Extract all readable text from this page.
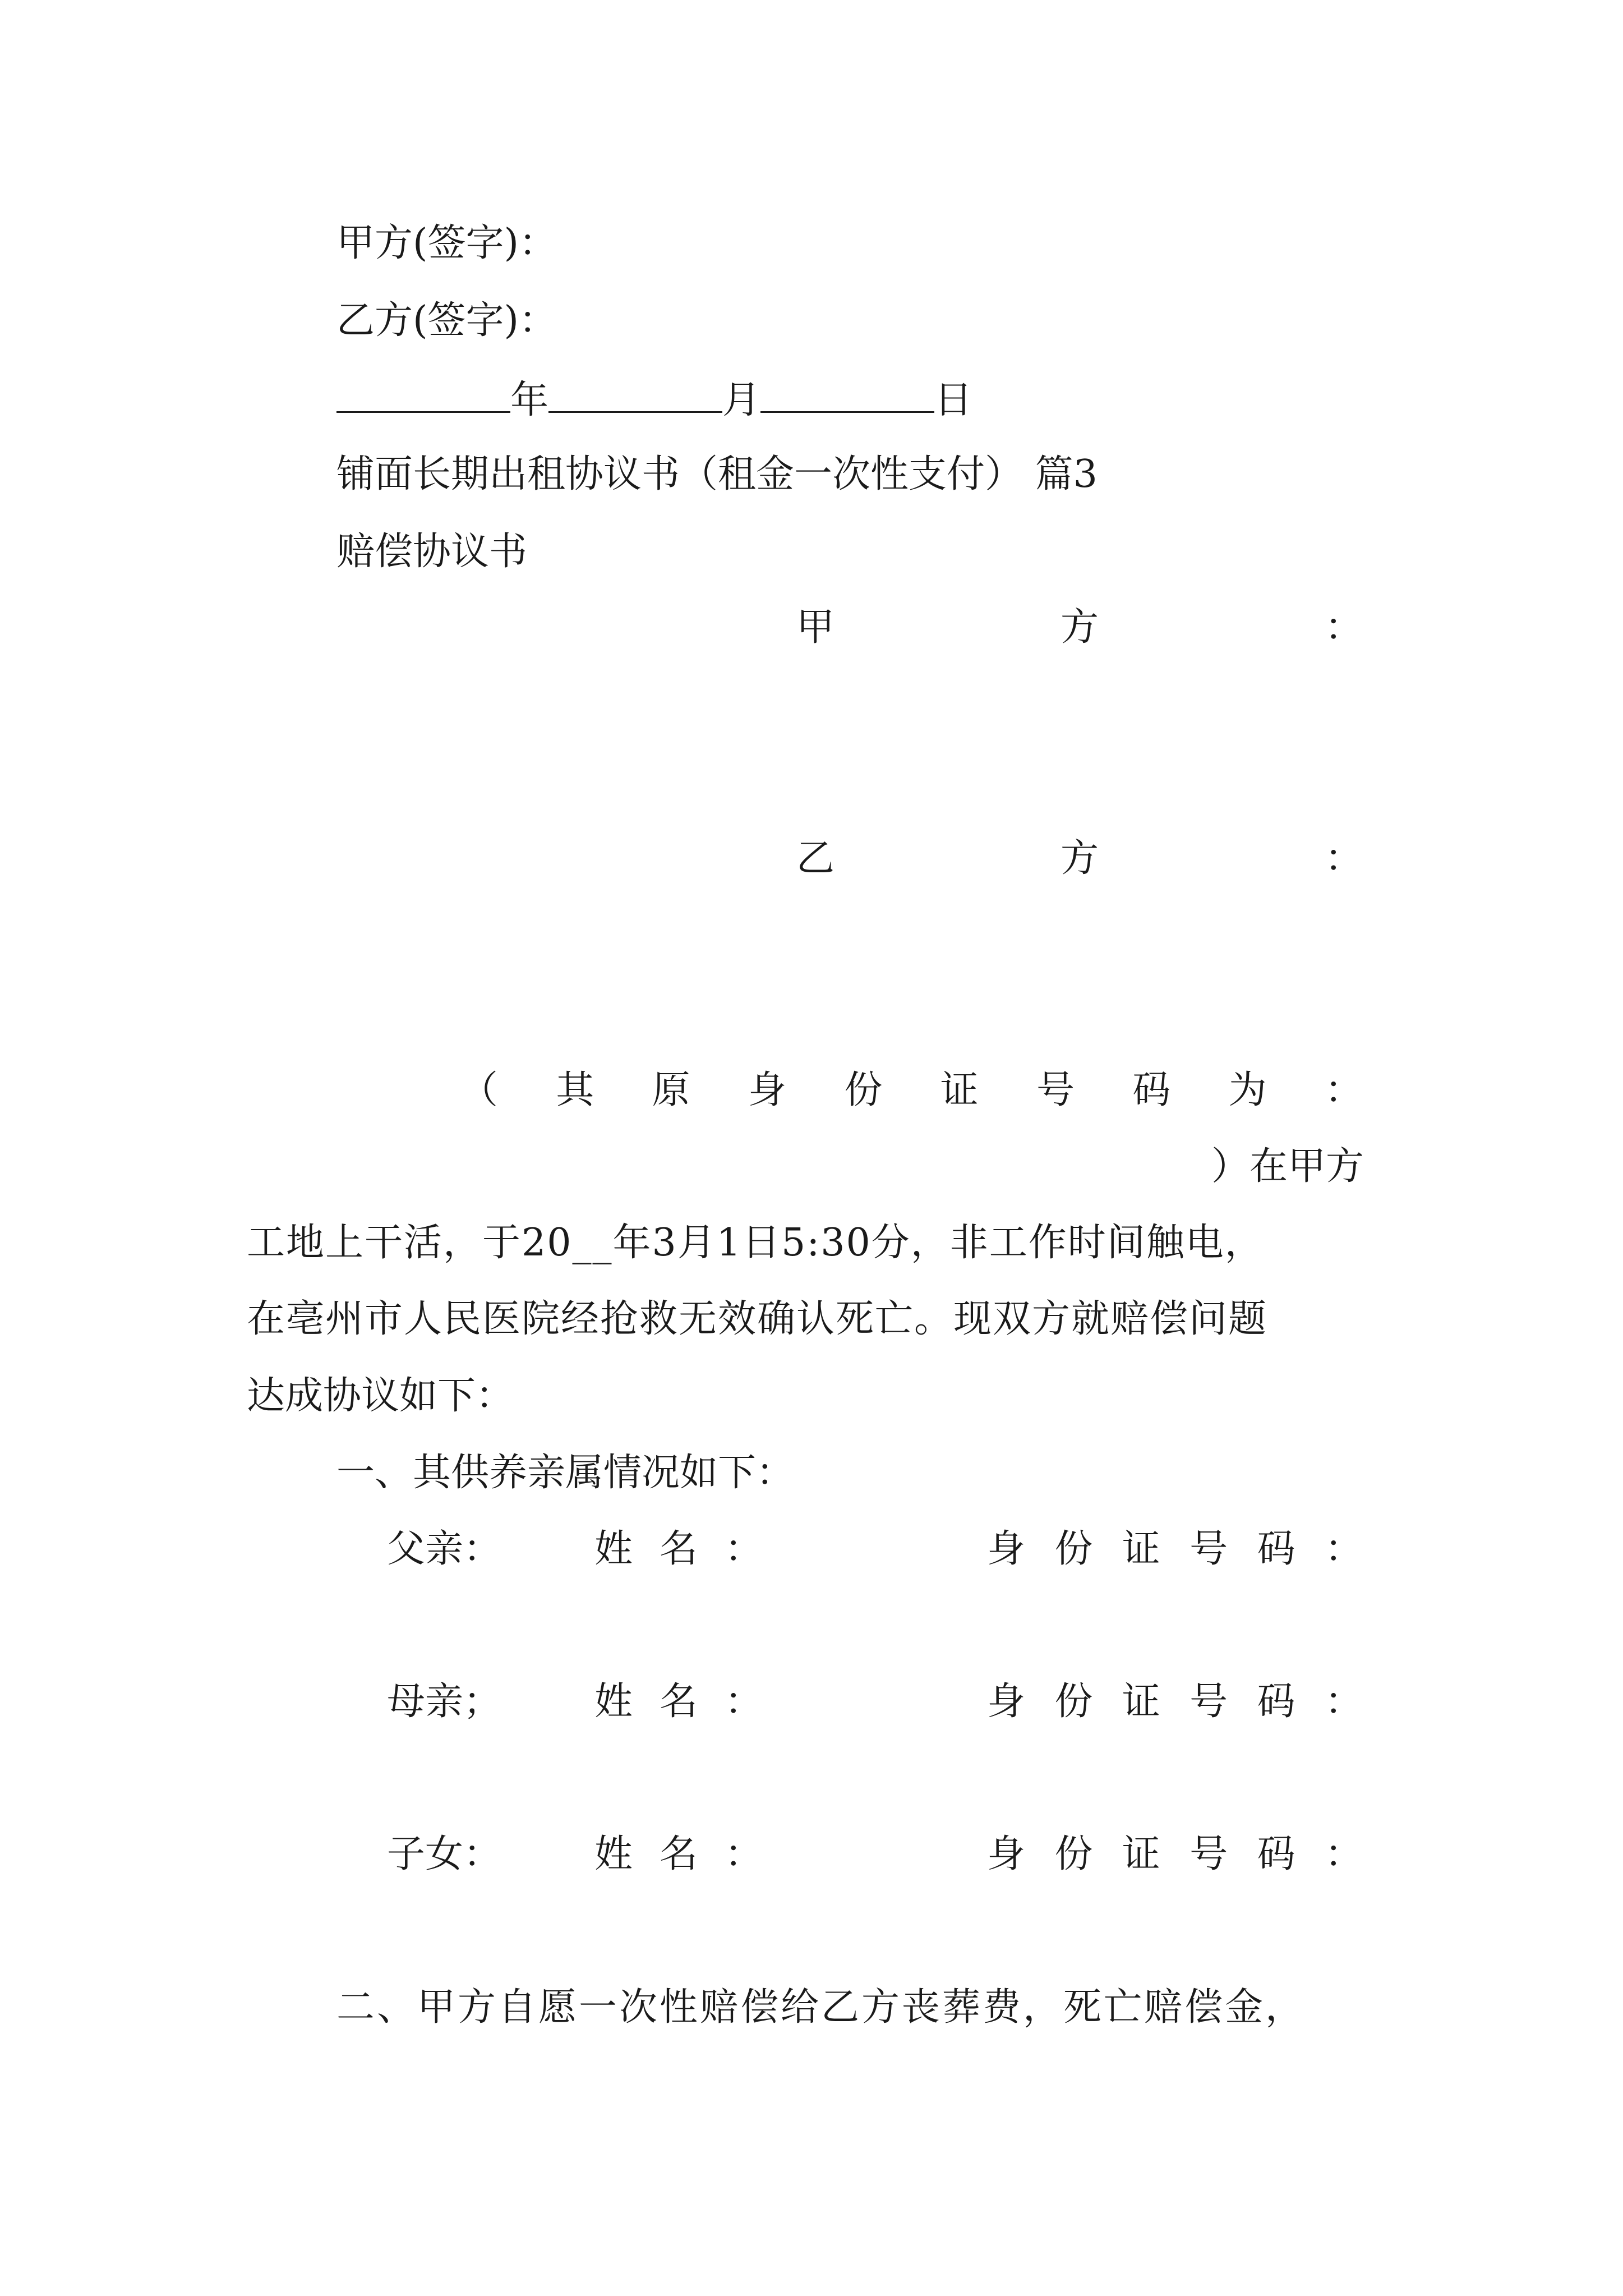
甲方(签字)：
乙方(签字)：
年	月	日
铺面长期出租协议书（租金一次性支付） 篇3
赔偿协议书
甲	方	：
乙	方	：
（ 其 原 身 份 证 号 码 为 ：
）在甲方
工地上干活，于20__年3月1日5:30分，非工作时间触电，
在亳州市人民医院经抢救无效确认死亡。现双方就赔偿问题
达成协议如下：
一、其供养亲属情况如下：
父 亲 ： 姓 名 ：	身 份 证 号 码 ：
母 亲 ； 姓 名 ：	身 份 证 号 码 ：
子 女 ： 姓 名 ：	身 份 证 号 码 ：
二、甲方自愿一次性赔偿给乙方丧葬费，死亡赔偿金，
